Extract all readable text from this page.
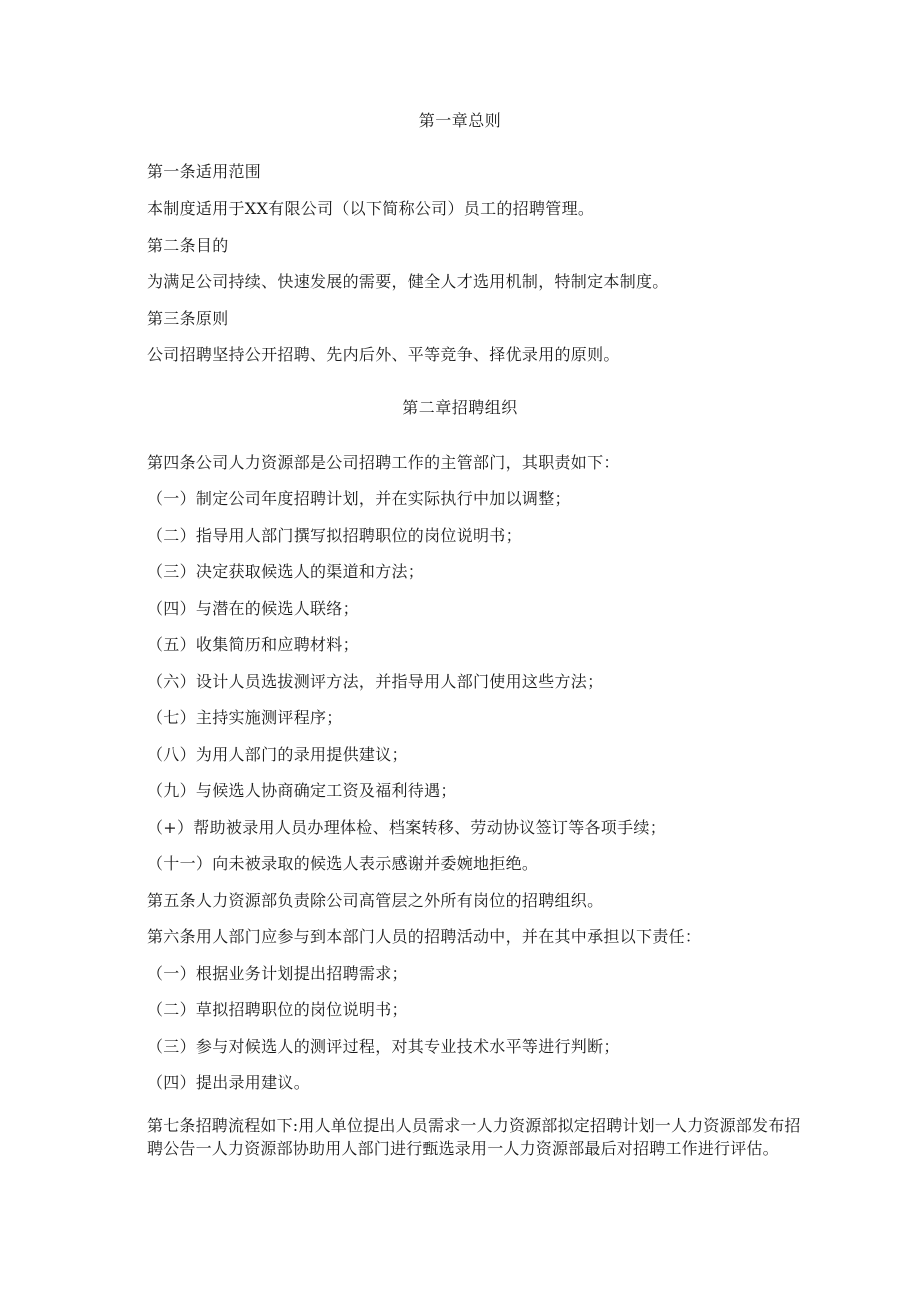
第一章总则
第一条适用范围
本制度适用于XX有限公司（以下简称公司）员工的招聘管理。
第二条目的
为满足公司持续、快速发展的需要，健全人才选用机制，特制定本制度。
第三条原则
公司招聘坚持公开招聘、先内后外、平等竞争、择优录用的原则。
第二章招聘组织
第四条公司人力资源部是公司招聘工作的主管部门，其职责如下：
（一）制定公司年度招聘计划，并在实际执行中加以调整；
（二）指导用人部门撰写拟招聘职位的岗位说明书；
（三）决定获取候选人的渠道和方法；
（四）与潜在的候选人联络；
（五）收集简历和应聘材料；
（六）设计人员选拔测评方法，并指导用人部门使用这些方法；
（七）主持实施测评程序；
（八）为用人部门的录用提供建议；
（九）与候选人协商确定工资及福利待遇；
（+）帮助被录用人员办理体检、档案转移、劳动协议签订等各项手续；
（十一）向未被录取的候选人表示感谢并委婉地拒绝。
第五条人力资源部负责除公司高管层之外所有岗位的招聘组织。
第六条用人部门应参与到本部门人员的招聘活动中，并在其中承担以下责任：
（一）根据业务计划提出招聘需求；
（二）草拟招聘职位的岗位说明书；
（三）参与对候选人的测评过程，对其专业技术水平等进行判断；
（四）提出录用建议。
第七条招聘流程如下:用人单位提出人员需求一人力资源部拟定招聘计划一人力资源部发布招聘公告一人力资源部协助用人部门进行甄选录用一人力资源部最后对招聘工作进行评估。
